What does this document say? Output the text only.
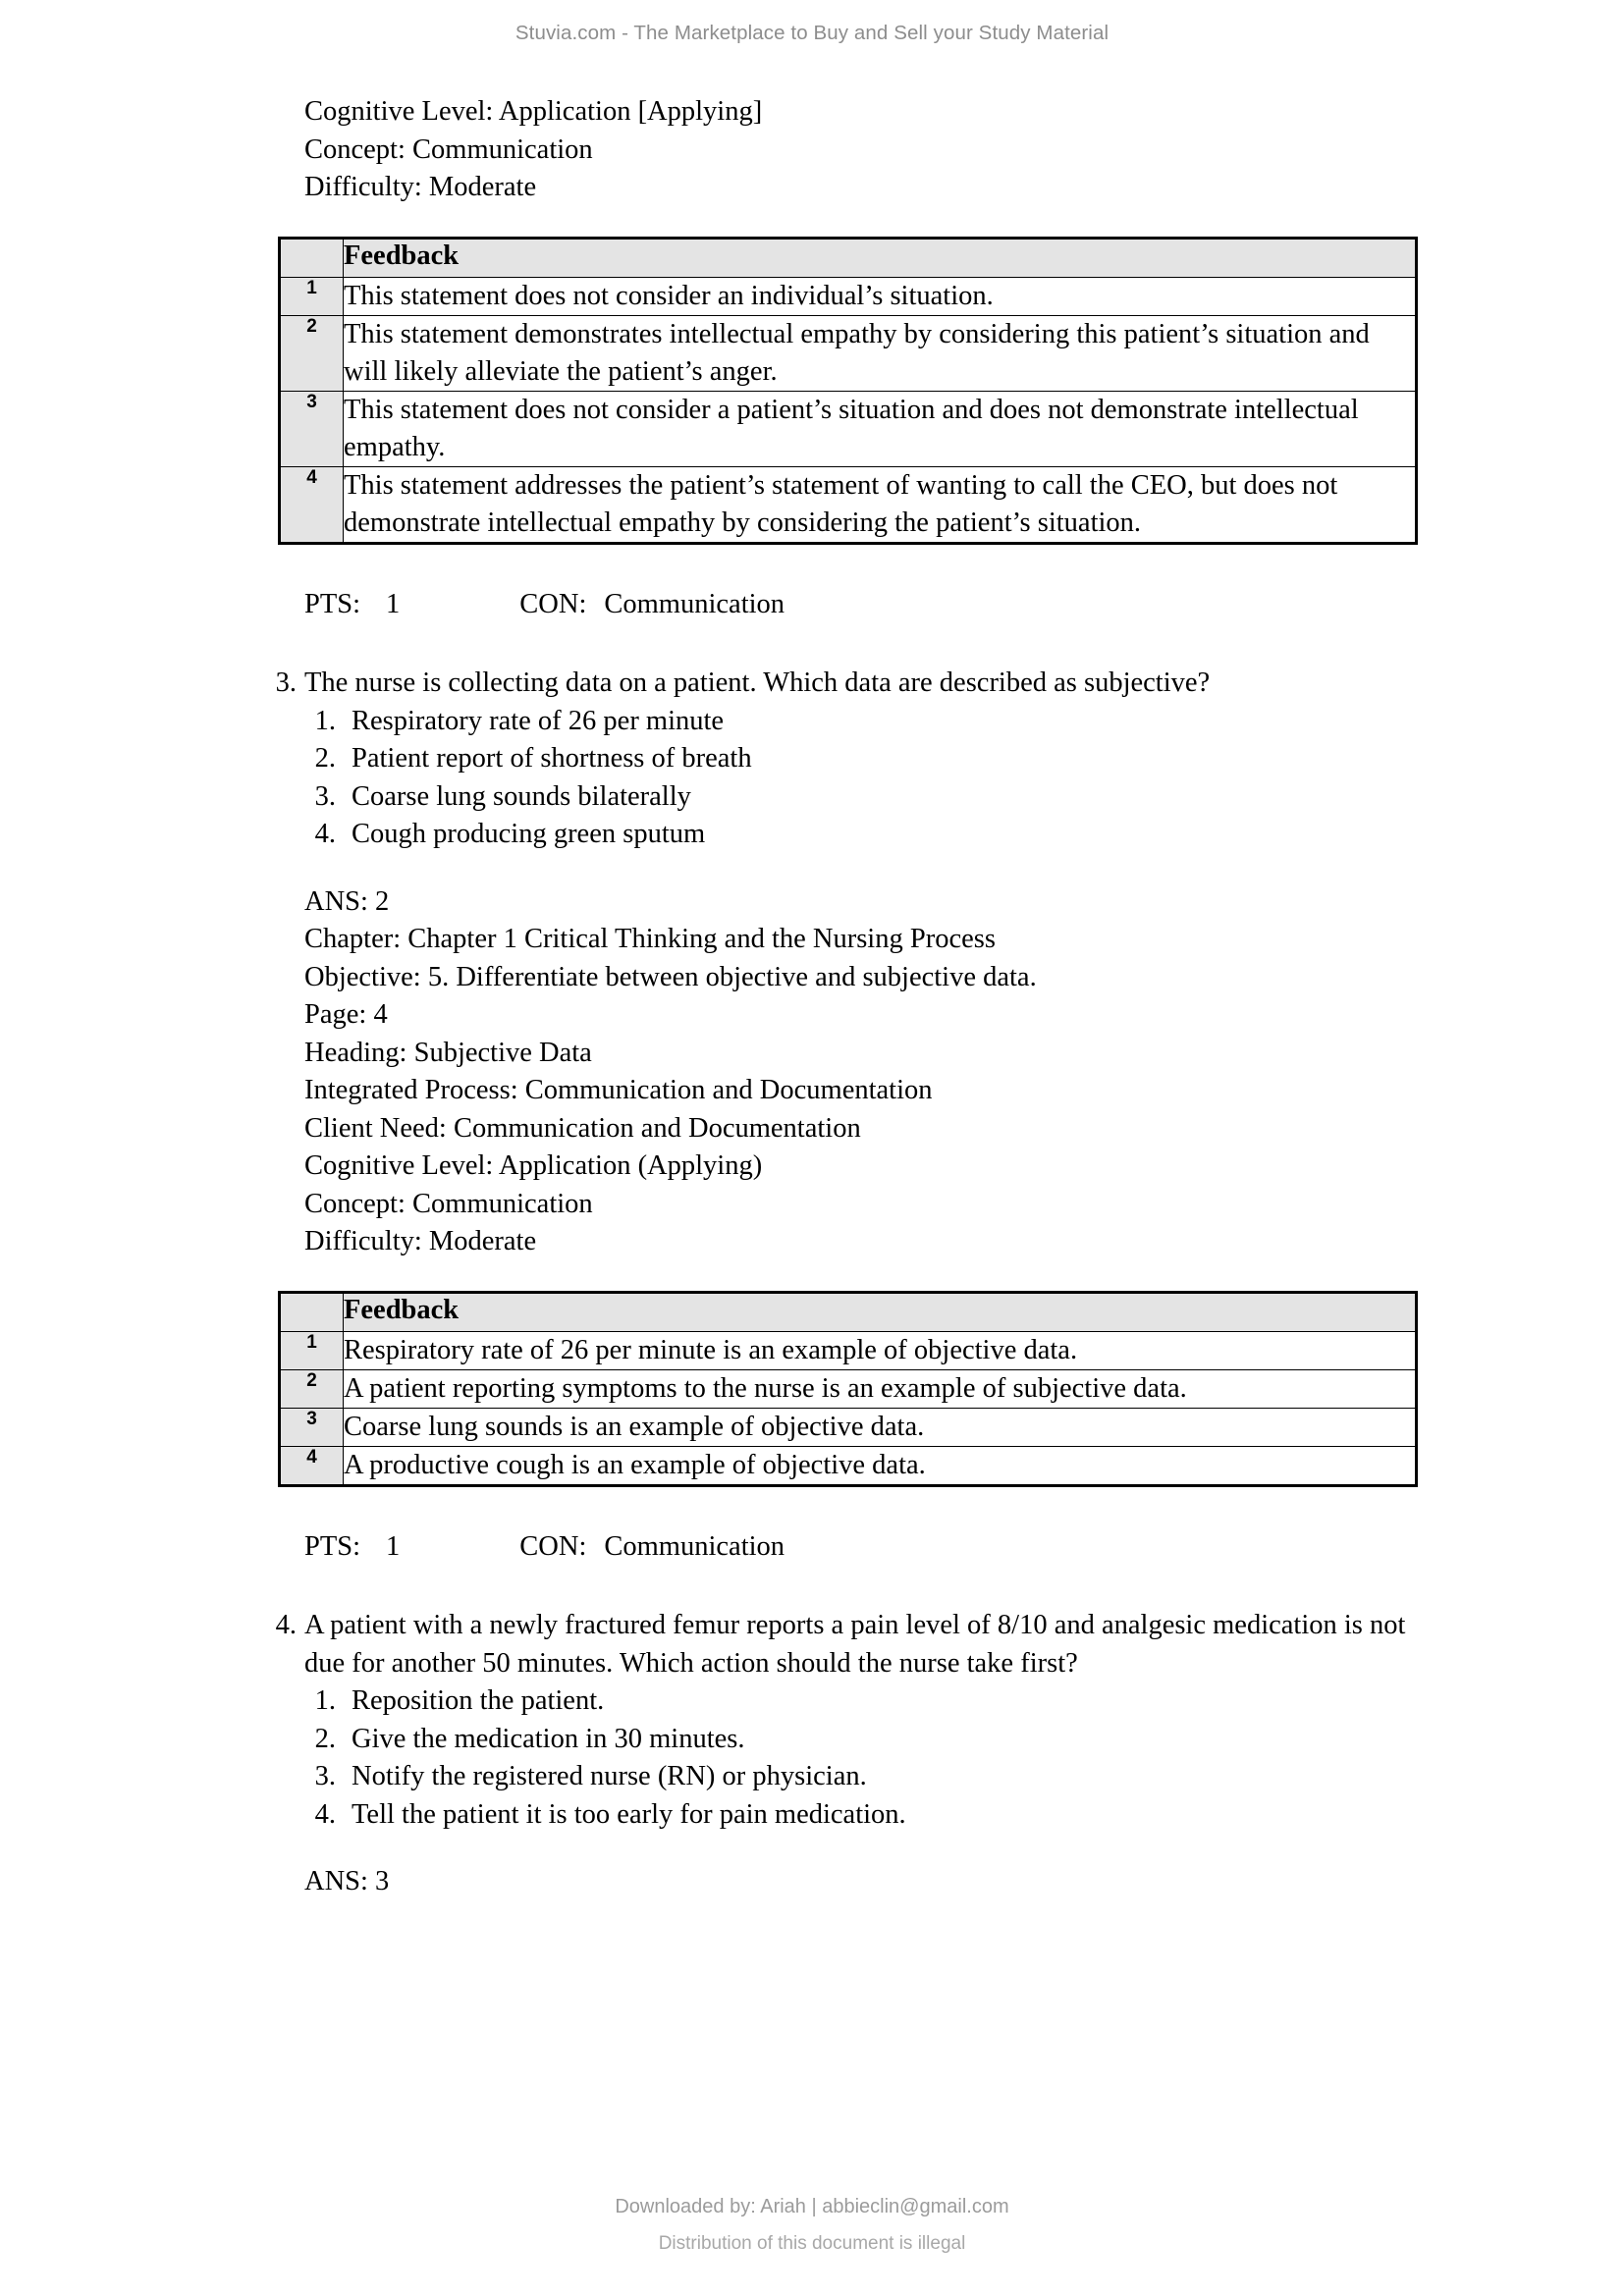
Stuvia.com - The Marketplace to Buy and Sell your Study Material
Cognitive Level: Application [Applying]
Concept: Communication
Difficulty: Moderate
	Feedback
1	This statement does not consider an individual’s situation.
2	This statement demonstrates intellectual empathy by considering this patient’s situation and will likely alleviate the patient’s anger.
3	This statement does not consider a patient’s situation and does not demonstrate intellectual empathy.
4	This statement addresses the patient’s statement of wanting to call the CEO, but does not demonstrate intellectual empathy by considering the patient’s situation.
PTS: 1	CON: Communication
3. The nurse is collecting data on a patient. Which data are described as subjective?
1. Respiratory rate of 26 per minute
2. Patient report of shortness of breath
3. Coarse lung sounds bilaterally
4. Cough producing green sputum
ANS: 2
Chapter: Chapter 1 Critical Thinking and the Nursing Process
Objective: 5. Differentiate between objective and subjective data.
Page: 4
Heading: Subjective Data
Integrated Process: Communication and Documentation
Client Need: Communication and Documentation
Cognitive Level: Application (Applying)
Concept: Communication
Difficulty: Moderate
	Feedback
1	Respiratory rate of 26 per minute is an example of objective data.
2	A patient reporting symptoms to the nurse is an example of subjective data.
3	Coarse lung sounds is an example of objective data.
4	A productive cough is an example of objective data.
PTS: 1	CON: Communication
4. A patient with a newly fractured femur reports a pain level of 8/10 and analgesic medication is not due for another 50 minutes. Which action should the nurse take first?
1. Reposition the patient.
2. Give the medication in 30 minutes.
3. Notify the registered nurse (RN) or physician.
4. Tell the patient it is too early for pain medication.
ANS: 3
Downloaded by: Ariah | abbieclin@gmail.com
Distribution of this document is illegal
